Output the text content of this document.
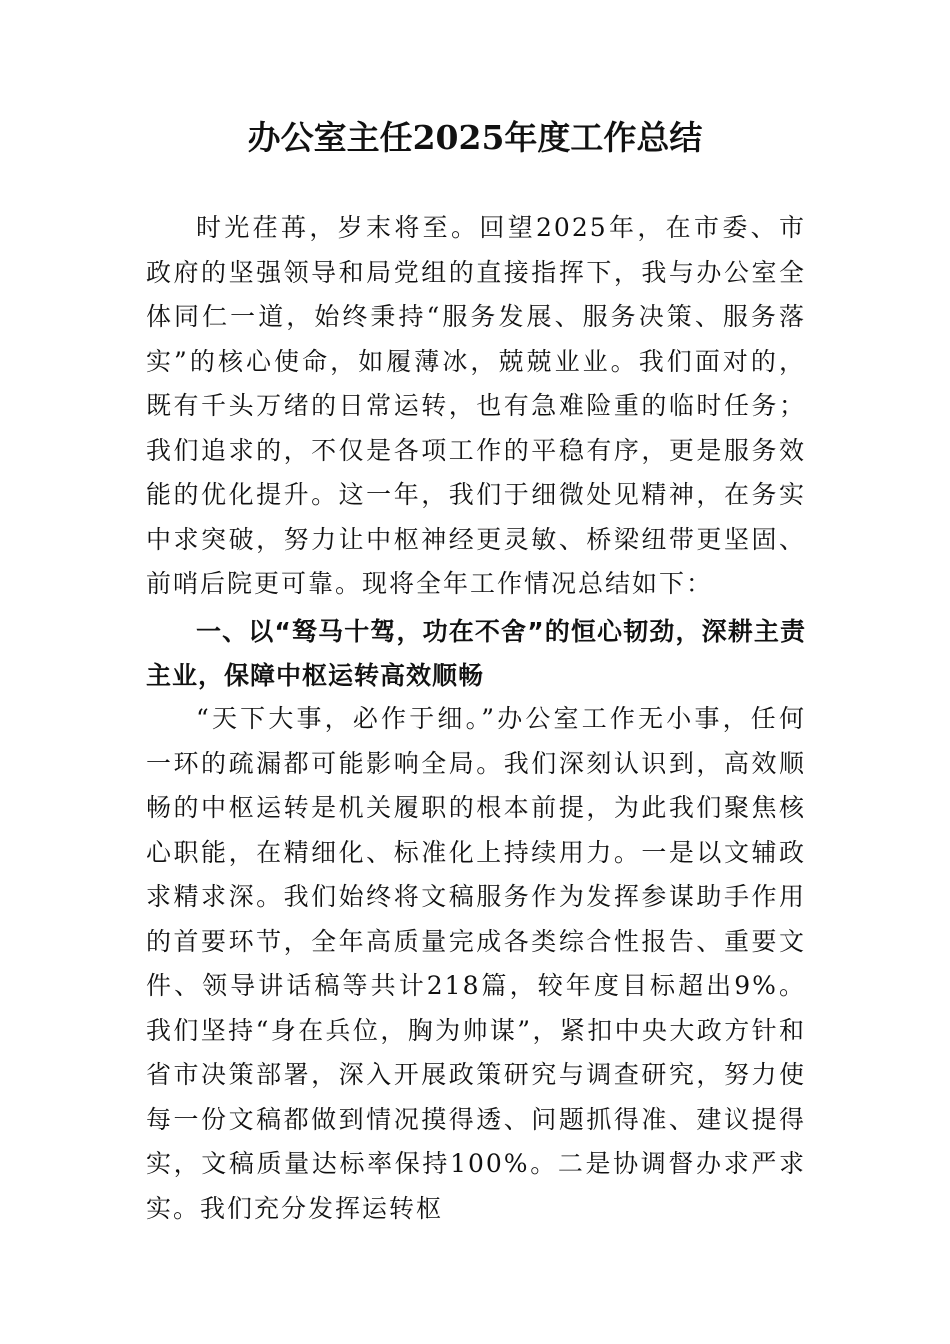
办公室主任2025年度工作总结

时光荏苒，岁末将至。回望2025年，在市委、市政府的坚强领导和局党组的直接指挥下，我与办公室全体同仁一道，始终秉持“服务发展、服务决策、服务落实”的核心使命，如履薄冰，兢兢业业。我们面对的，既有千头万绪的日常运转，也有急难险重的临时任务；我们追求的，不仅是各项工作的平稳有序，更是服务效能的优化提升。这一年，我们于细微处见精神，在务实中求突破，努力让中枢神经更灵敏、桥梁纽带更坚固、前哨后院更可靠。现将全年工作情况总结如下：

一、以“驽马十驾，功在不舍”的恒心韧劲，深耕主责主业，保障中枢运转高效顺畅

“天下大事，必作于细。”办公室工作无小事，任何一环的疏漏都可能影响全局。我们深刻认识到，高效顺畅的中枢运转是机关履职的根本前提，为此我们聚焦核心职能，在精细化、标准化上持续用力。一是以文辅政求精求深。我们始终将文稿服务作为发挥参谋助手作用的首要环节，全年高质量完成各类综合性报告、重要文件、领导讲话稿等共计218篇，较年度目标超出9%。我们坚持“身在兵位，胸为帅谋”，紧扣中央大政方针和省市决策部署，深入开展政策研究与调查研究，努力使每一份文稿都做到情况摸得透、问题抓得准、建议提得实，文稿质量达标率保持100%。二是协调督办求严求实。我们充分发挥运转枢
